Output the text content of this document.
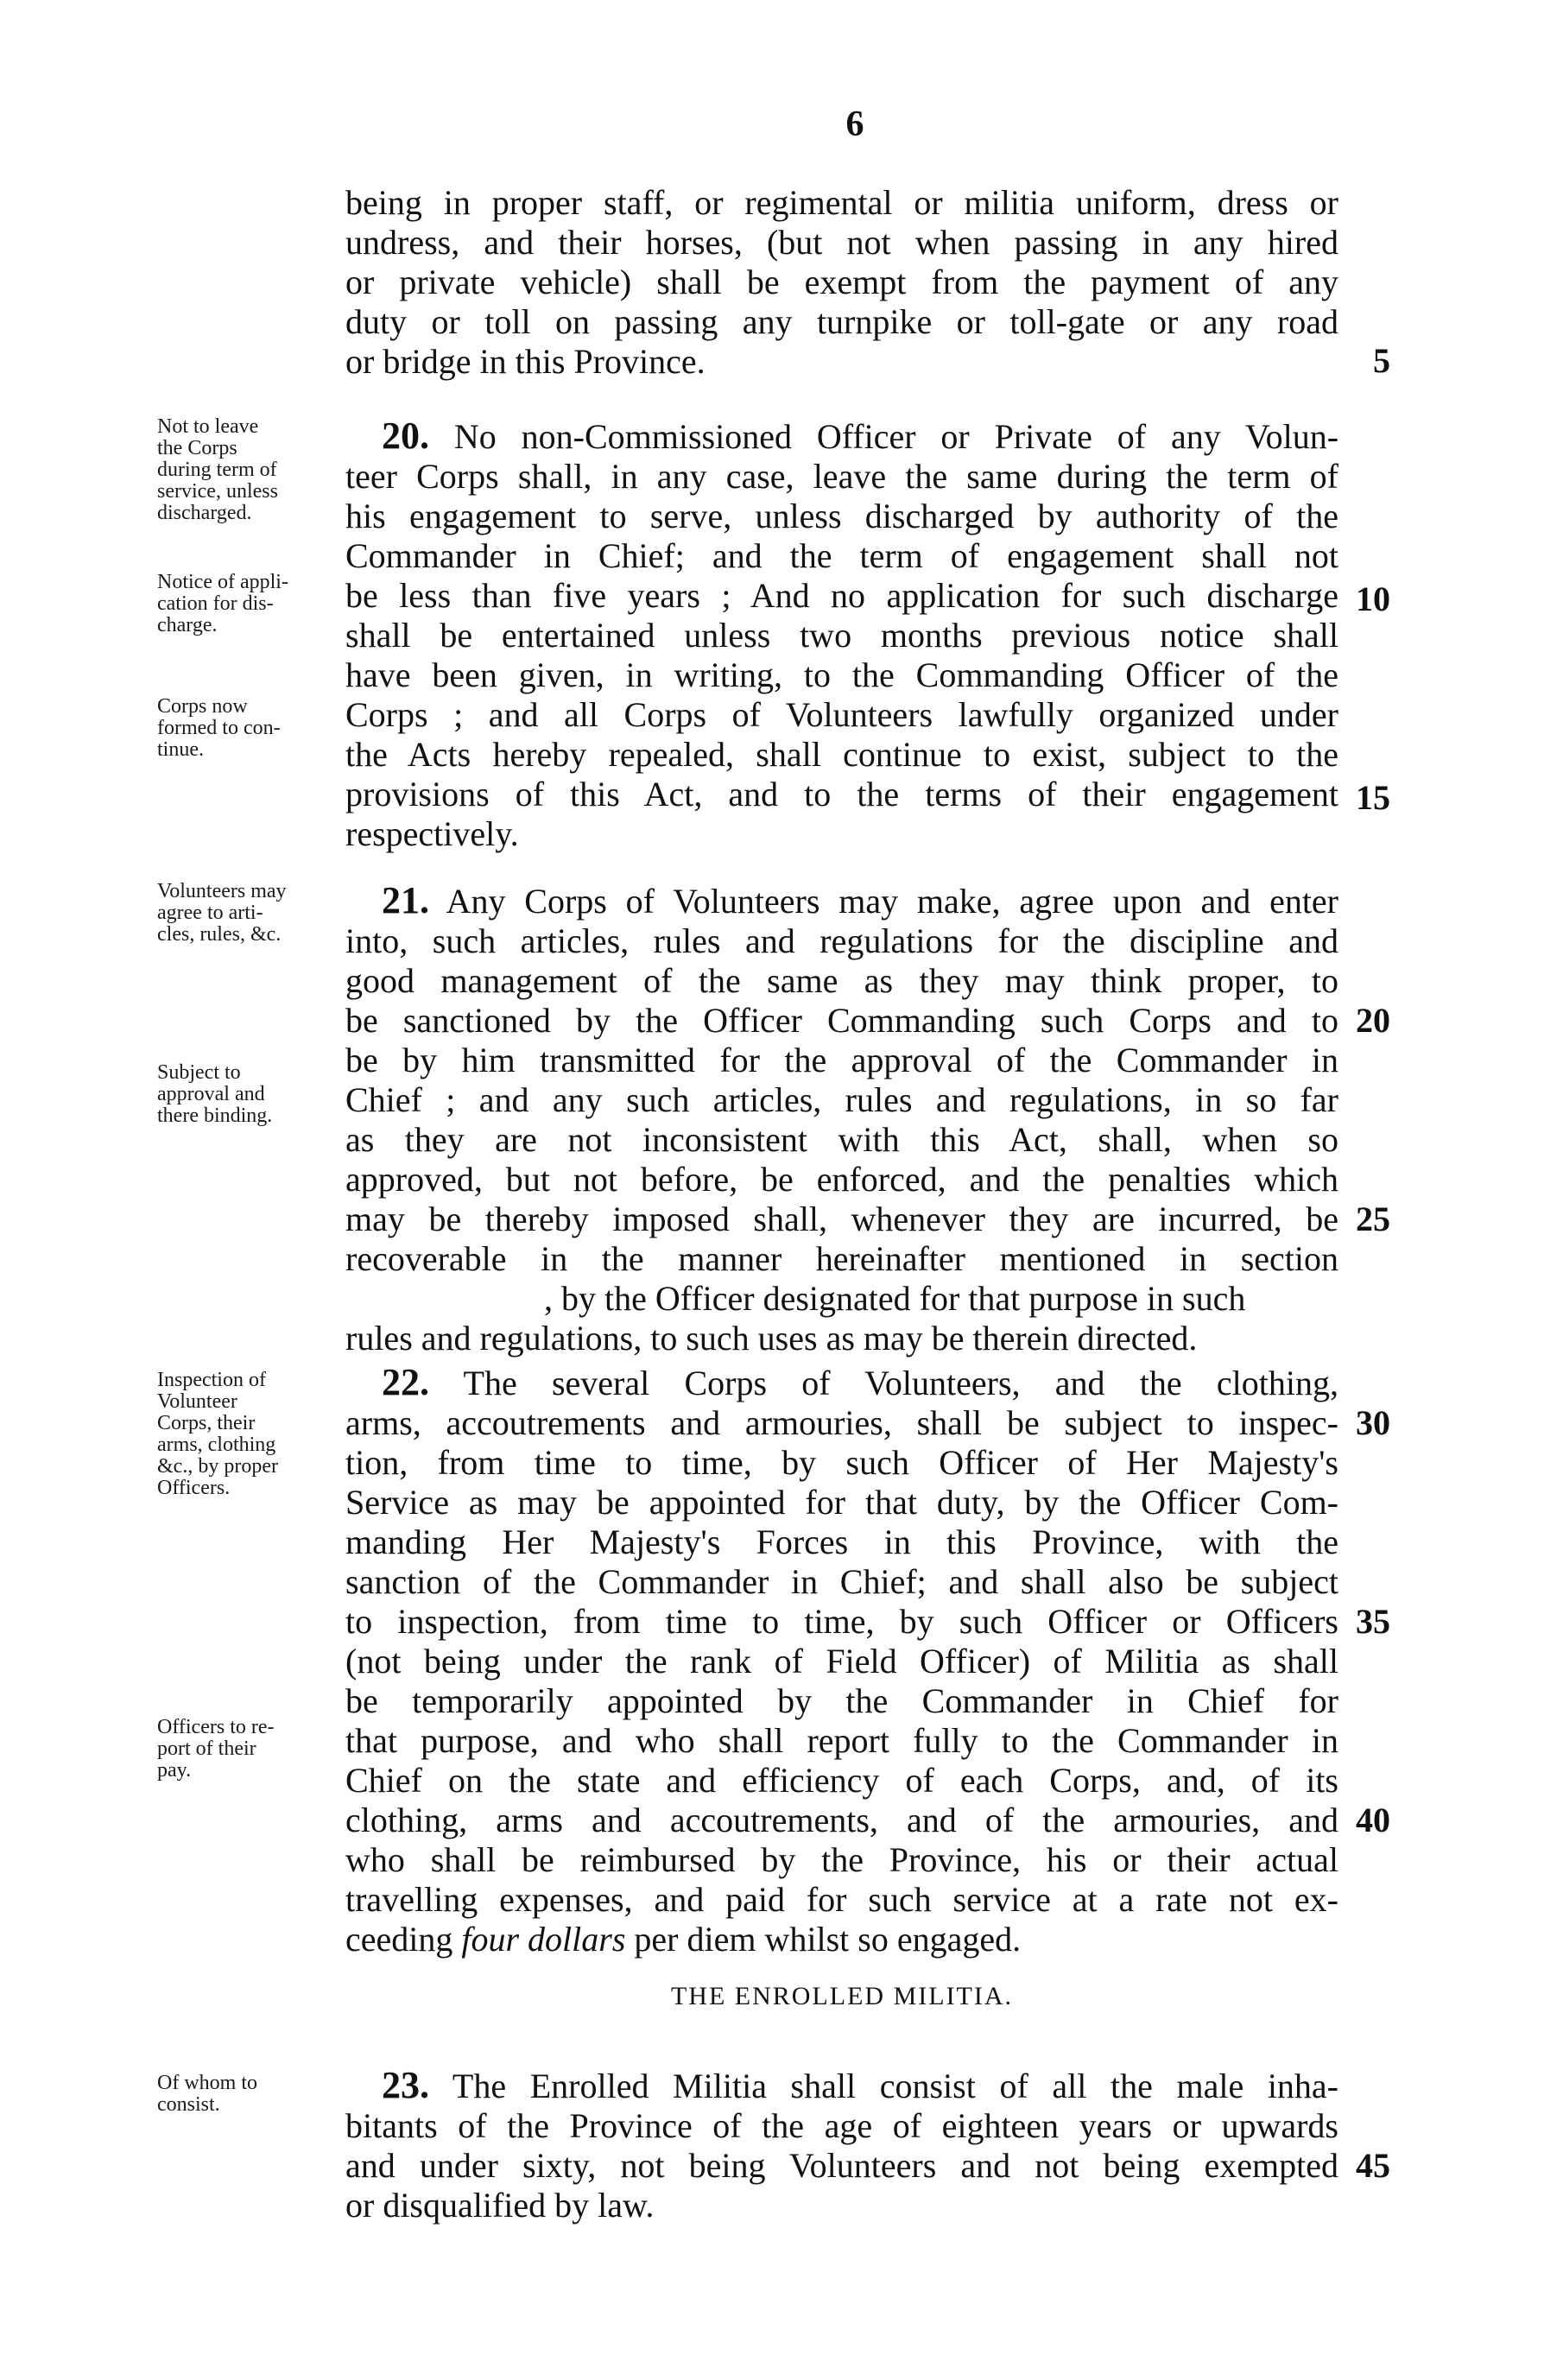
6
being in proper staff, or regimental or militia uniform, dress or
undress, and their horses, (but not when passing in any hired
or private vehicle) shall be exempt from the payment of any
duty or toll on passing any turnpike or toll-gate or any road
or bridge in this Province.
20. No non-Commissioned Officer or Private of any Volun-
teer Corps shall, in any case, leave the same during the term of
his engagement to serve, unless discharged by authority of the
Commander in Chief; and the term of engagement shall not
be less than five years ; And no application for such discharge
shall be entertained unless two months previous notice shall
have been given, in writing, to the Commanding Officer of the
Corps ; and all Corps of Volunteers lawfully organized under
the Acts hereby repealed, shall continue to exist, subject to the
provisions of this Act, and to the terms of their engagement
respectively.
21. Any Corps of Volunteers may make, agree upon and enter
into, such articles, rules and regulations for the discipline and
good management of the same as they may think proper, to
be sanctioned by the Officer Commanding such Corps and to
be by him transmitted for the approval of the Commander in
Chief ; and any such articles, rules and regulations, in so far
as they are not inconsistent with this Act, shall, when so
approved, but not before, be enforced, and the penalties which
may be thereby imposed shall, whenever they are incurred, be
recoverable in the manner hereinafter mentioned in section
, by the Officer designated for that purpose in such
rules and regulations, to such uses as may be therein directed.
22. The several Corps of Volunteers, and the clothing,
arms, accoutrements and armouries, shall be subject to inspec-
tion, from time to time, by such Officer of Her Majesty's
Service as may be appointed for that duty, by the Officer Com-
manding Her Majesty's Forces in this Province, with the
sanction of the Commander in Chief; and shall also be subject
to inspection, from time to time, by such Officer or Officers
(not being under the rank of Field Officer) of Militia as shall
be temporarily appointed by the Commander in Chief for
that purpose, and who shall report fully to the Commander in
Chief on the state and efficiency of each Corps, and, of its
clothing, arms and accoutrements, and of the armouries, and
who shall be reimbursed by the Province, his or their actual
travelling expenses, and paid for such service at a rate not ex-
ceeding four dollars per diem whilst so engaged.
THE ENROLLED MILITIA.
23. The Enrolled Militia shall consist of all the male inha-
bitants of the Province of the age of eighteen years or upwards
and under sixty, not being Volunteers and not being exempted
or disqualified by law.
5
10
15
20
25
30
35
40
45
Not to leave
the Corps
during term of
service, unless
discharged.
Notice of appli-
cation for dis-
charge.
Corps now
formed to con-
tinue.
Volunteers may
agree to arti-
cles, rules, &c.
Subject to
approval and
there binding.
Inspection of
Volunteer
Corps, their
arms, clothing
&c., by proper
Officers.
Officers to re-
port of their
pay.
Of whom to
consist.
